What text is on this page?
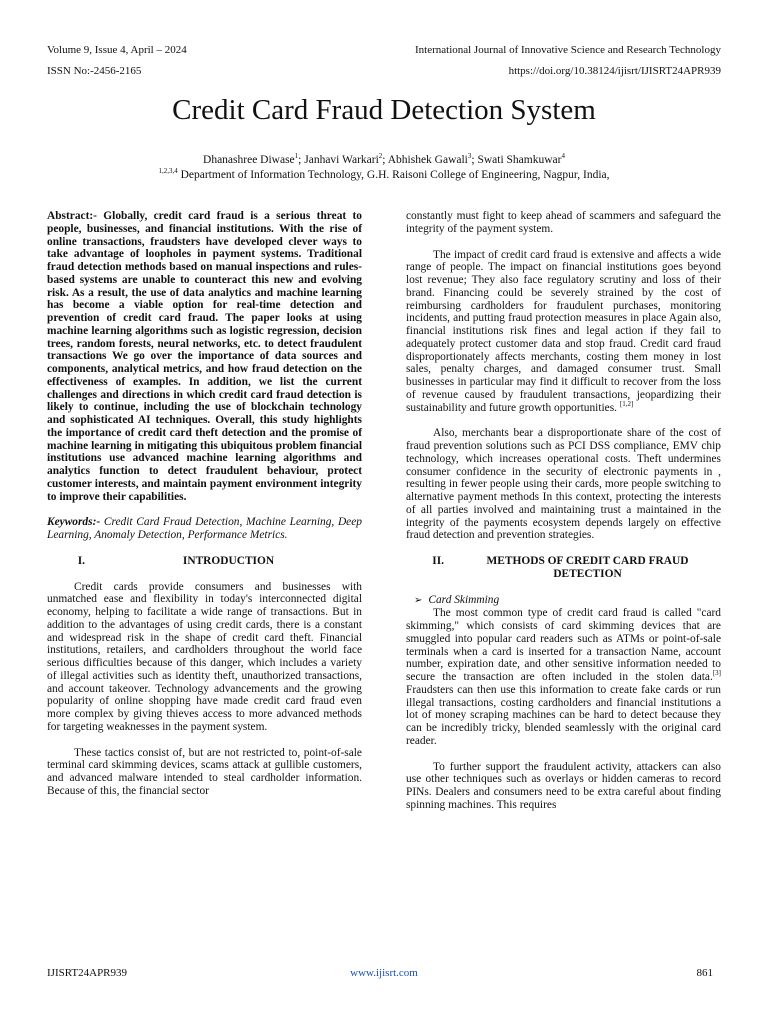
Volume 9, Issue 4, April – 2024	International Journal of Innovative Science and Research Technology
ISSN No:-2456-2165	https://doi.org/10.38124/ijisrt/IJISRT24APR939
Credit Card Fraud Detection System
Dhanashree Diwase$^1$; Janhavi Warkari$^2$; Abhishek Gawali$^3$; Swati Shamkuwar$^4$
$^{1,2,3,4}$ Department of Information Technology, G.H. Raisoni College of Engineering, Nagpur, India,

Abstract:- Globally, credit card fraud is a serious threat to people, businesses, and financial institutions. With the rise of online transactions, fraudsters have developed clever ways to take advantage of loopholes in payment systems. Traditional fraud detection methods based on manual inspections and rules-based systems are unable to counteract this new and evolving risk. As a result, the use of data analytics and machine learning has become a viable option for real-time detection and prevention of credit card fraud. The paper looks at using machine learning algorithms such as logistic regression, decision trees, random forests, neural networks, etc. to detect fraudulent transactions We go over the importance of data sources and components, analytical metrics, and how fraud detection on the effectiveness of examples. In addition, we list the current challenges and directions in which credit card fraud detection is likely to continue, including the use of blockchain technology and sophisticated AI techniques. Overall, this study highlights the importance of credit card theft detection and the promise of machine learning in mitigating this ubiquitous problem financial institutions use advanced machine learning algorithms and analytics function to detect fraudulent behaviour, protect customer interests, and maintain payment environment integrity to improve their capabilities.

Keywords:- Credit Card Fraud Detection, Machine Learning, Deep Learning, Anomaly Detection, Performance Metrics.

I.	INTRODUCTION

Credit cards provide consumers and businesses with unmatched ease and flexibility in today's interconnected digital economy, helping to facilitate a wide range of transactions. But in addition to the advantages of using credit cards, there is a constant and widespread risk in the shape of credit card theft. Financial institutions, retailers, and cardholders throughout the world face serious difficulties because of this danger, which includes a variety of illegal activities such as identity theft, unauthorized transactions, and account takeover. Technology advancements and the growing popularity of online shopping have made credit card fraud even more complex by giving thieves access to more advanced methods for targeting weaknesses in the payment system.

These tactics consist of, but are not restricted to, point-of-sale terminal card skimming devices, scams attack at gullible customers, and advanced malware intended to steal cardholder information. Because of this, the financial sector

constantly must fight to keep ahead of scammers and safeguard the integrity of the payment system.

The impact of credit card fraud is extensive and affects a wide range of people. The impact on financial institutions goes beyond lost revenue; They also face regulatory scrutiny and loss of their brand. Financing could be severely strained by the cost of reimbursing cardholders for fraudulent purchases, monitoring incidents, and putting fraud protection measures in place Again also, financial institutions risk fines and legal action if they fail to adequately protect customer data and stop fraud. Credit card fraud disproportionately affects merchants, costing them money in lost sales, penalty charges, and damaged consumer trust. Small businesses in particular may find it difficult to recover from the loss of revenue caused by fraudulent transactions, jeopardizing their sustainability and future growth opportunities. [1,2]

Also, merchants bear a disproportionate share of the cost of fraud prevention solutions such as PCI DSS compliance, EMV chip technology, which increases operational costs. Theft undermines consumer confidence in the security of electronic payments in , resulting in fewer people using their cards, more people switching to alternative payment methods In this context, protecting the interests of all parties involved and maintaining trust a maintained in the integrity of the payments ecosystem depends largely on effective fraud detection and prevention strategies.

II.	METHODS OF CREDIT CARD FRAUD
DETECTION

➢ Card Skimming

The most common type of credit card fraud is called "card skimming," which consists of card skimming devices that are smuggled into popular card readers such as ATMs or point-of-sale terminals when a card is inserted for a transaction Name, account number, expiration date, and other sensitive information needed to secure the transaction are often included in the stolen data.[3] Fraudsters can then use this information to create fake cards or run illegal transactions, costing cardholders and financial institutions a lot of money scraping machines can be hard to detect because they can be incredibly tricky, blended seamlessly with the original card reader.

To further support the fraudulent activity, attackers can also use other techniques such as overlays or hidden cameras to record PINs. Dealers and consumers need to be extra careful about finding spinning machines. This requires

IJISRT24APR939	www.ijisrt.com	861
